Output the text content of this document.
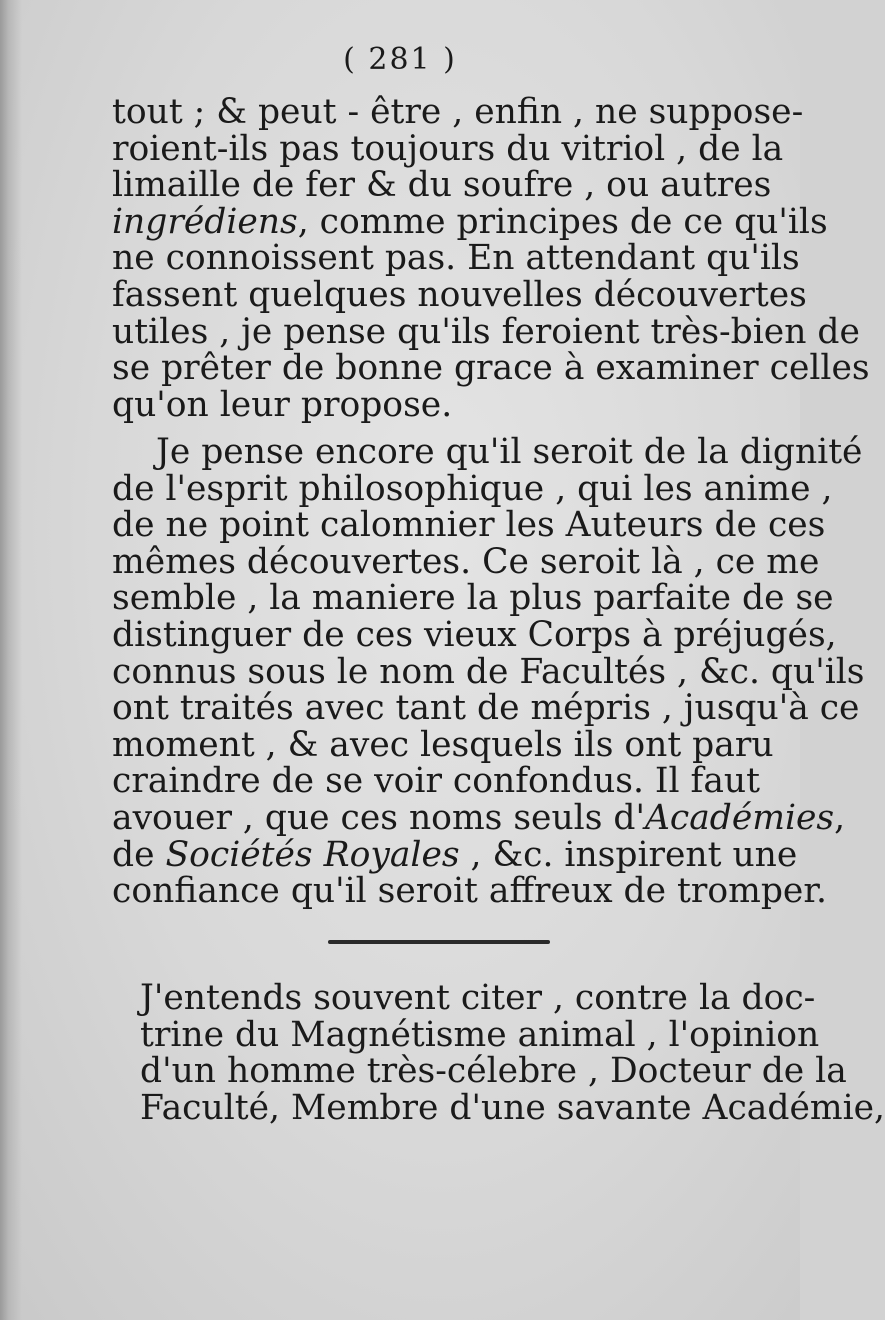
( 281 )
tout ; & peut - être , enfin , ne suppose-
roient-ils pas toujours du vitriol , de la
limaille de fer & du soufre , ou autres
ingrédiens, comme principes de ce qu'ils
ne connoissent pas. En attendant qu'ils
fassent quelques nouvelles découvertes
utiles , je pense qu'ils feroient très-bien de
se prêter de bonne grace à examiner celles
qu'on leur propose.
Je pense encore qu'il seroit de la dignité
de l'esprit philosophique , qui les anime ,
de ne point calomnier les Auteurs de ces
mêmes découvertes. Ce seroit là , ce me
semble , la maniere la plus parfaite de se
distinguer de ces vieux Corps à préjugés,
connus sous le nom de Facultés , &c. qu'ils
ont traités avec tant de mépris , jusqu'à ce
moment , & avec lesquels ils ont paru
craindre de se voir confondus. Il faut
avouer , que ces noms seuls d'Académies,
de Sociétés Royales , &c. inspirent une
confiance qu'il seroit affreux de tromper.
J'entends souvent citer , contre la doc-
trine du Magnétisme animal , l'opinion
d'un homme très-célebre , Docteur de la
Faculté, Membre d'une savante Académie,
